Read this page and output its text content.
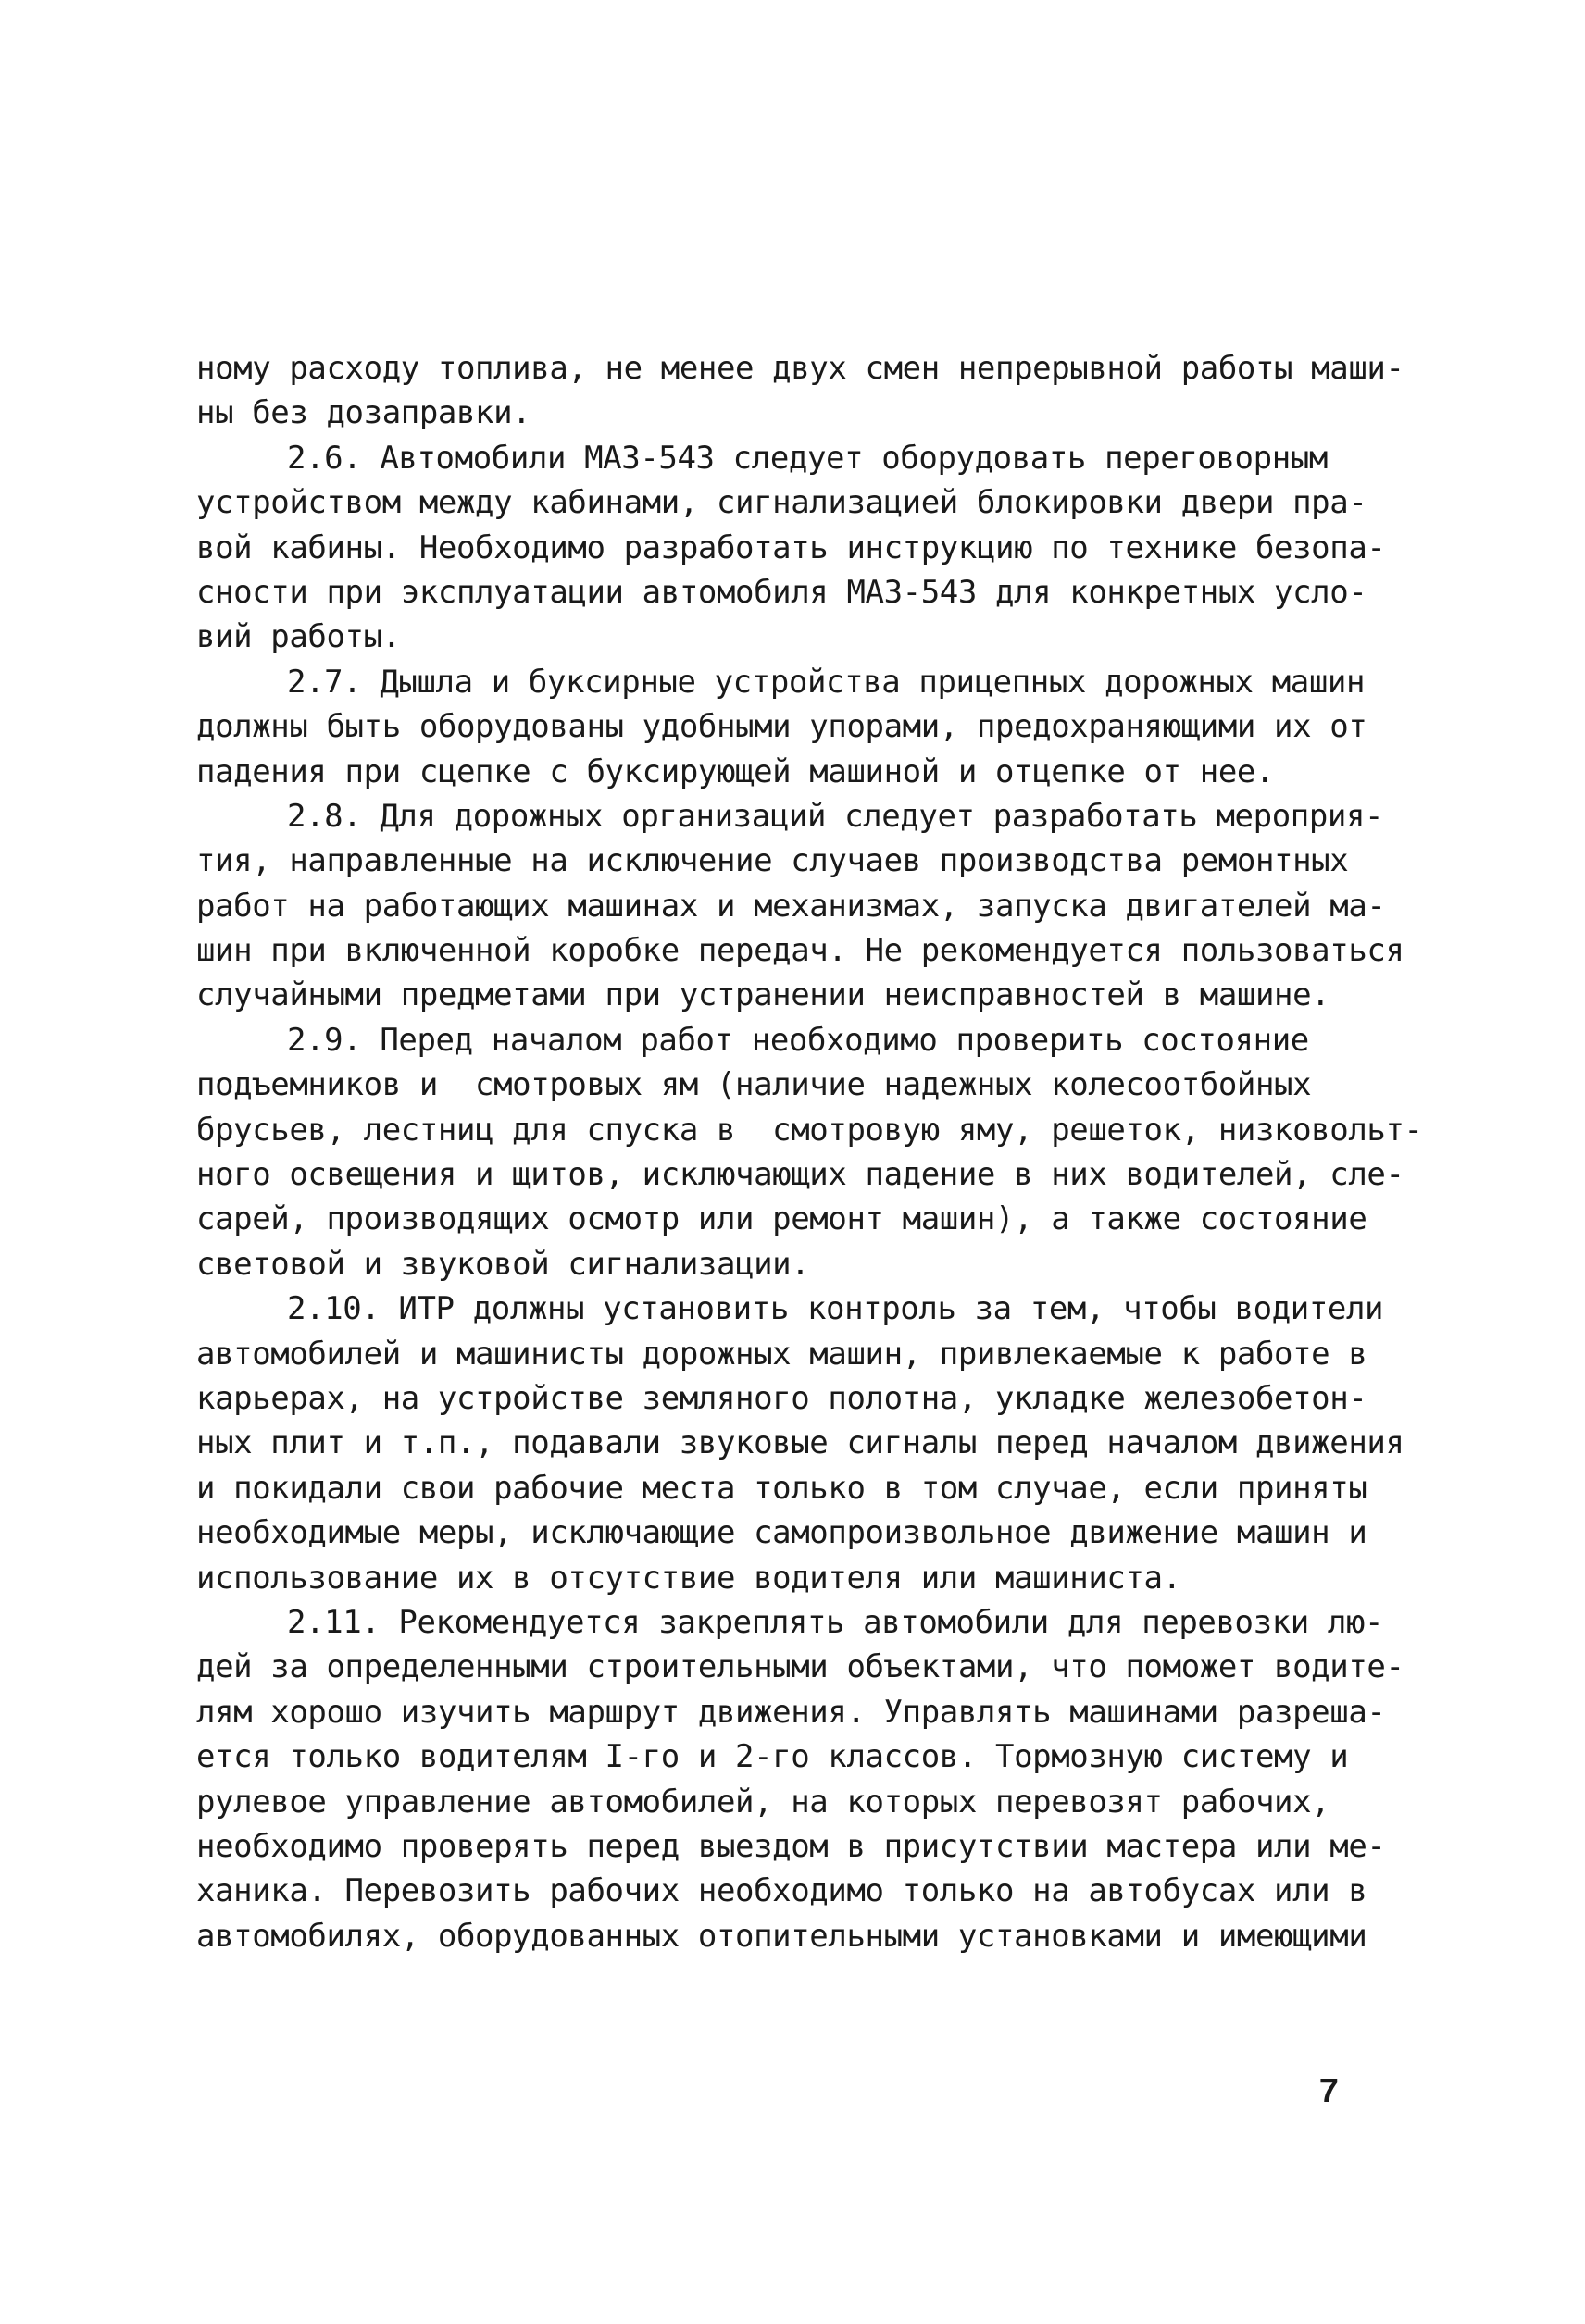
ному расходу топлива, не менее двух смен непрерывной работы маши-
ны без дозаправки.
2.6. Автомобили МАЗ-543 следует оборудовать переговорным
устройством между кабинами, сигнализацией блокировки двери пра-
вой кабины. Необходимо разработать инструкцию по технике безопа-
сности при эксплуатации автомобиля МАЗ-543 для конкретных усло-
вий работы.
2.7. Дышла и буксирные устройства прицепных дорожных машин
должны быть оборудованы удобными упорами, предохраняющими их от
падения при сцепке с буксирующей машиной и отцепке от нее.
2.8. Для дорожных организаций следует разработать мероприя-
тия, направленные на исключение случаев производства ремонтных
работ на работающих машинах и механизмах, запуска двигателей ма-
шин при включенной коробке передач. Не рекомендуется пользоваться
случайными предметами при устранении неисправностей в машине.
2.9. Перед началом работ необходимо проверить состояние
подъемников и  смотровых ям (наличие надежных колесоотбойных
брусьев, лестниц для спуска в  смотровую яму, решеток, низковольт-
ного освещения и щитов, исключающих падение в них водителей, сле-
сарей, производящих осмотр или ремонт машин), а также состояние
световой и звуковой сигнализации.
2.10. ИТР должны установить контроль за тем, чтобы водители
автомобилей и машинисты дорожных машин, привлекаемые к работе в
карьерах, на устройстве земляного полотна, укладке железобетон-
ных плит и т.п., подавали звуковые сигналы перед началом движения
и покидали свои рабочие места только в том случае, если приняты
необходимые меры, исключающие самопроизвольное движение машин и
использование их в отсутствие водителя или машиниста.
2.11. Рекомендуется закреплять автомобили для перевозки лю-
дей за определенными строительными объектами, что поможет водите-
лям хорошо изучить маршрут движения. Управлять машинами разреша-
ется только водителям I-го и 2-го классов. Тормозную систему и
рулевое управление автомобилей, на которых перевозят рабочих,
необходимо проверять перед выездом в присутствии мастера или ме-
ханика. Перевозить рабочих необходимо только на автобусах или в
автомобилях, оборудованных отопительными установками и имеющими
7
